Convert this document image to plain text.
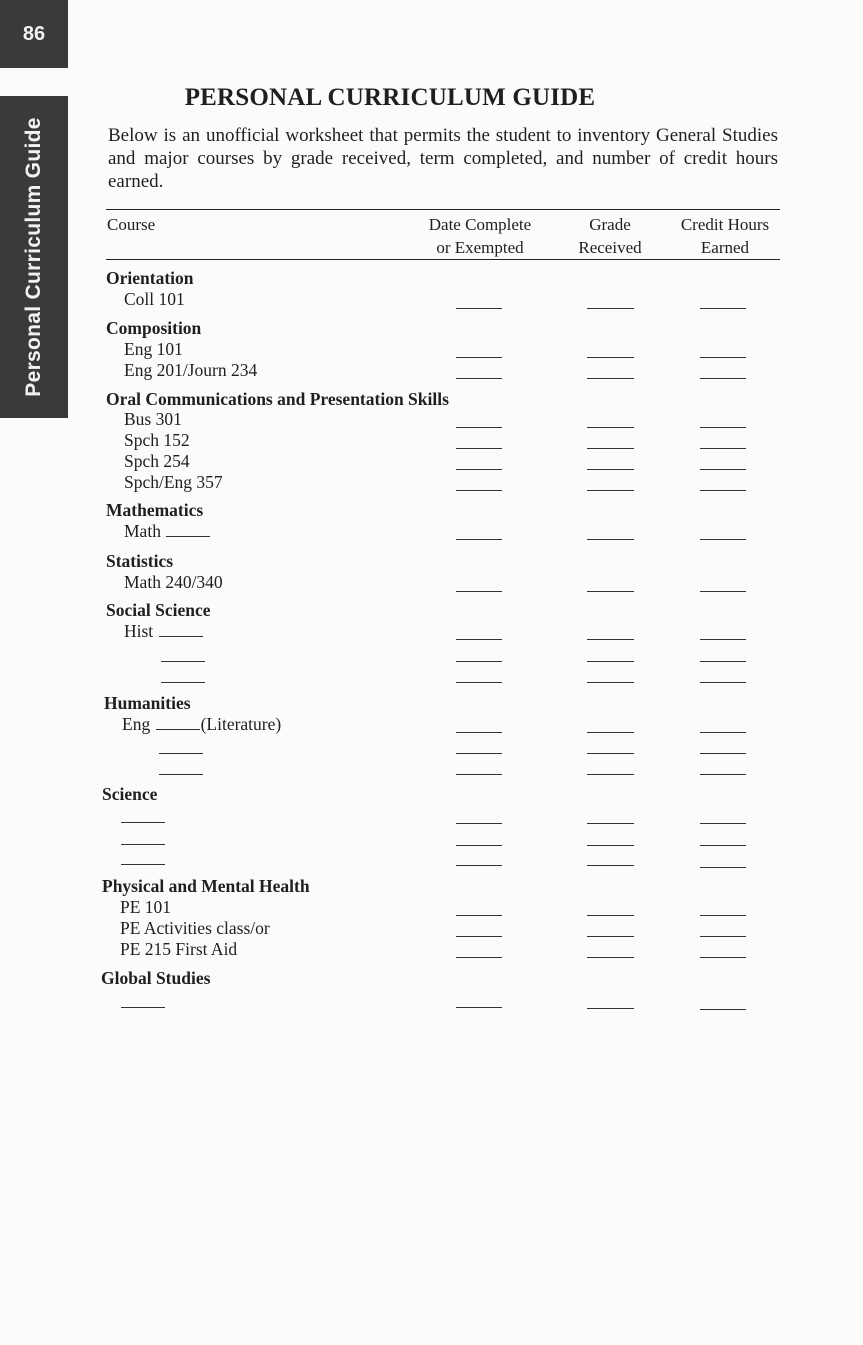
86
Personal Curriculum Guide
PERSONAL CURRICULUM GUIDE
Below is an unofficial worksheet that permits the student to inventory General Studies and major courses by grade received, term completed, and number of credit hours earned.
Course	Date Complete
or Exempted
Grade
Received
Credit Hours
Earned
Orientation
Coll 101
Composition
Eng 101
Eng 201/Journ 234
Oral Communications and Presentation Skills
Bus 301
Spch 152
Spch 254
Spch/Eng 357
Mathematics
Math
Statistics
Math 240/340
Social Science
Hist
Humanities
Eng	(Literature)
Science
Physical and Mental Health
PE 101
PE Activities class/or
PE 215 First Aid
Global Studies
